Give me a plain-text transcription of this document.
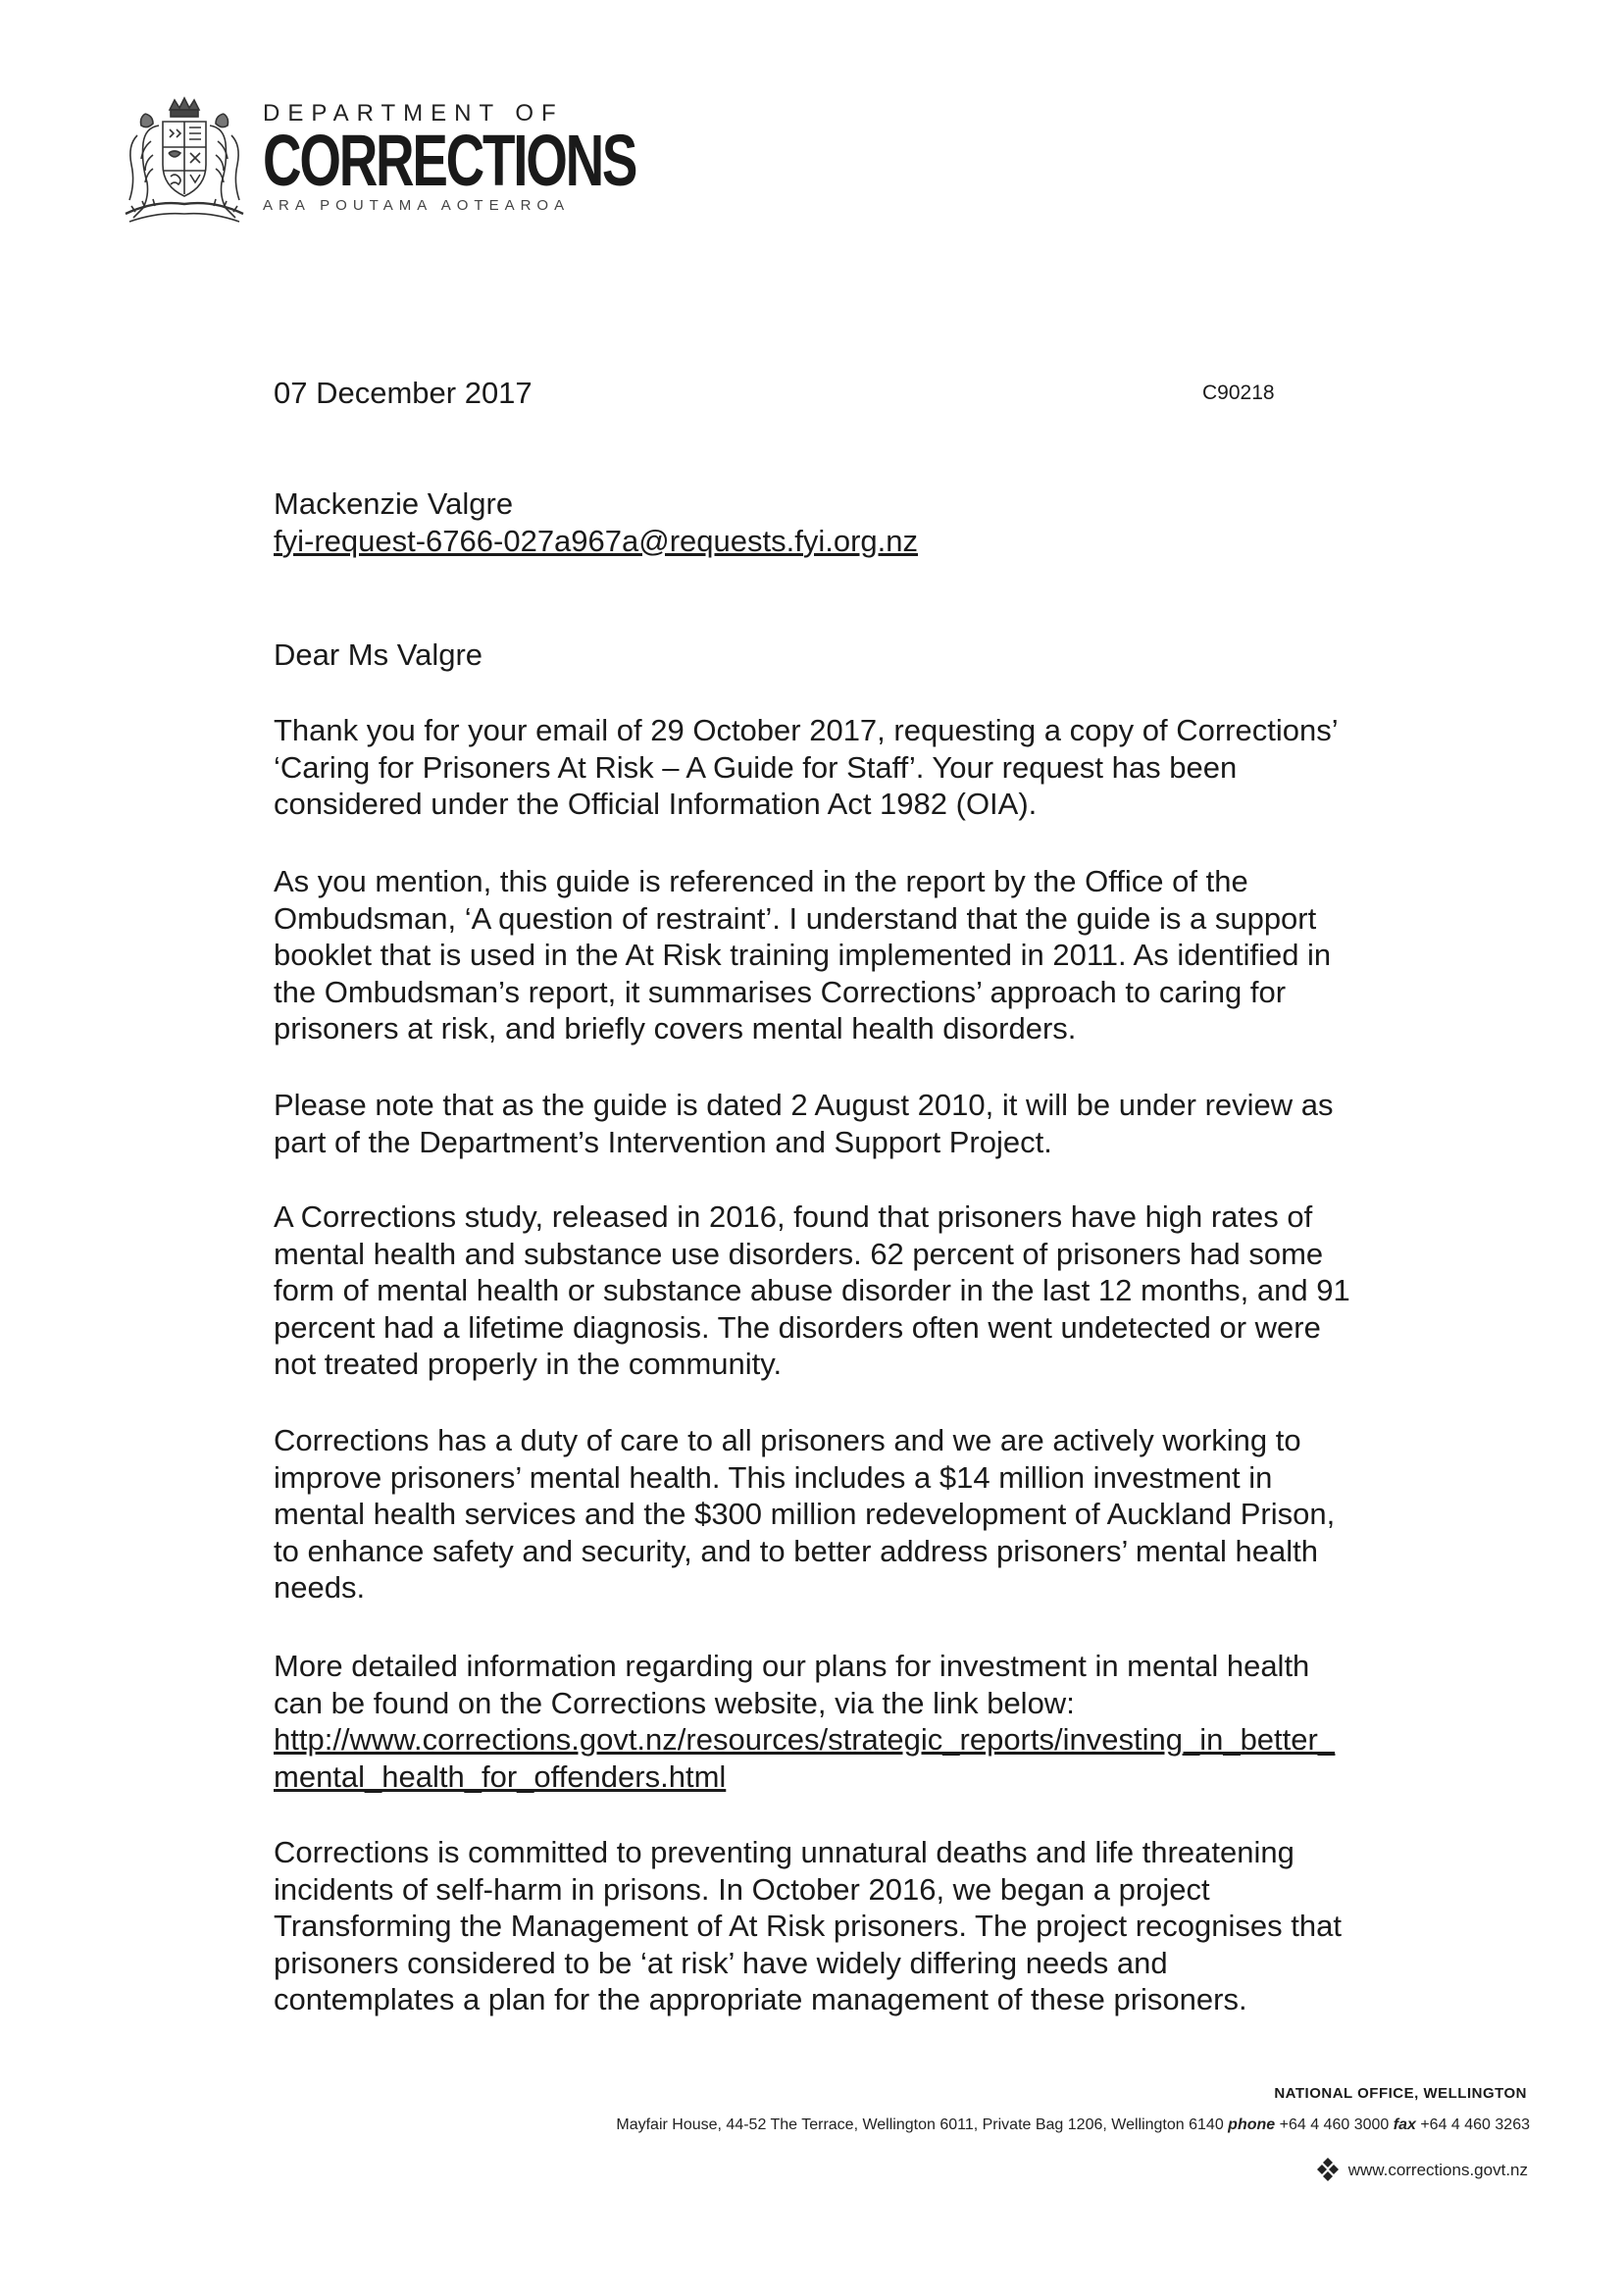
DEPARTMENT OF
CORRECTIONS
ARA POUTAMA AOTEAROA
07 December 2017	C90218
Mackenzie Valgre
fyi-request-6766-027a967a@requests.fyi.org.nz
Dear Ms Valgre
Thank you for your email of 29 October 2017, requesting a copy of Corrections’
‘Caring for Prisoners At Risk – A Guide for Staff’. Your request has been
considered under the Official Information Act 1982 (OIA).
As you mention, this guide is referenced in the report by the Office of the
Ombudsman, ‘A question of restraint’. I understand that the guide is a support
booklet that is used in the At Risk training implemented in 2011. As identified in
the Ombudsman’s report, it summarises Corrections’ approach to caring for
prisoners at risk, and briefly covers mental health disorders.
Please note that as the guide is dated 2 August 2010, it will be under review as
part of the Department’s Intervention and Support Project.
A Corrections study, released in 2016, found that prisoners have high rates of
mental health and substance use disorders. 62 percent of prisoners had some
form of mental health or substance abuse disorder in the last 12 months, and 91
percent had a lifetime diagnosis. The disorders often went undetected or were
not treated properly in the community.
Corrections has a duty of care to all prisoners and we are actively working to
improve prisoners’ mental health. This includes a $14 million investment in
mental health services and the $300 million redevelopment of Auckland Prison,
to enhance safety and security, and to better address prisoners’ mental health
needs.
More detailed information regarding our plans for investment in mental health
can be found on the Corrections website, via the link below:
http://www.corrections.govt.nz/resources/strategic_reports/investing_in_better_
mental_health_for_offenders.html
Corrections is committed to preventing unnatural deaths and life threatening
incidents of self-harm in prisons. In October 2016, we began a project
Transforming the Management of At Risk prisoners. The project recognises that
prisoners considered to be ‘at risk’ have widely differing needs and
contemplates a plan for the appropriate management of these prisoners.
NATIONAL OFFICE, WELLINGTON
Mayfair House, 44-52 The Terrace, Wellington 6011, Private Bag 1206, Wellington 6140 phone +64 4 460 3000 fax +64 4 460 3263
www.corrections.govt.nz
